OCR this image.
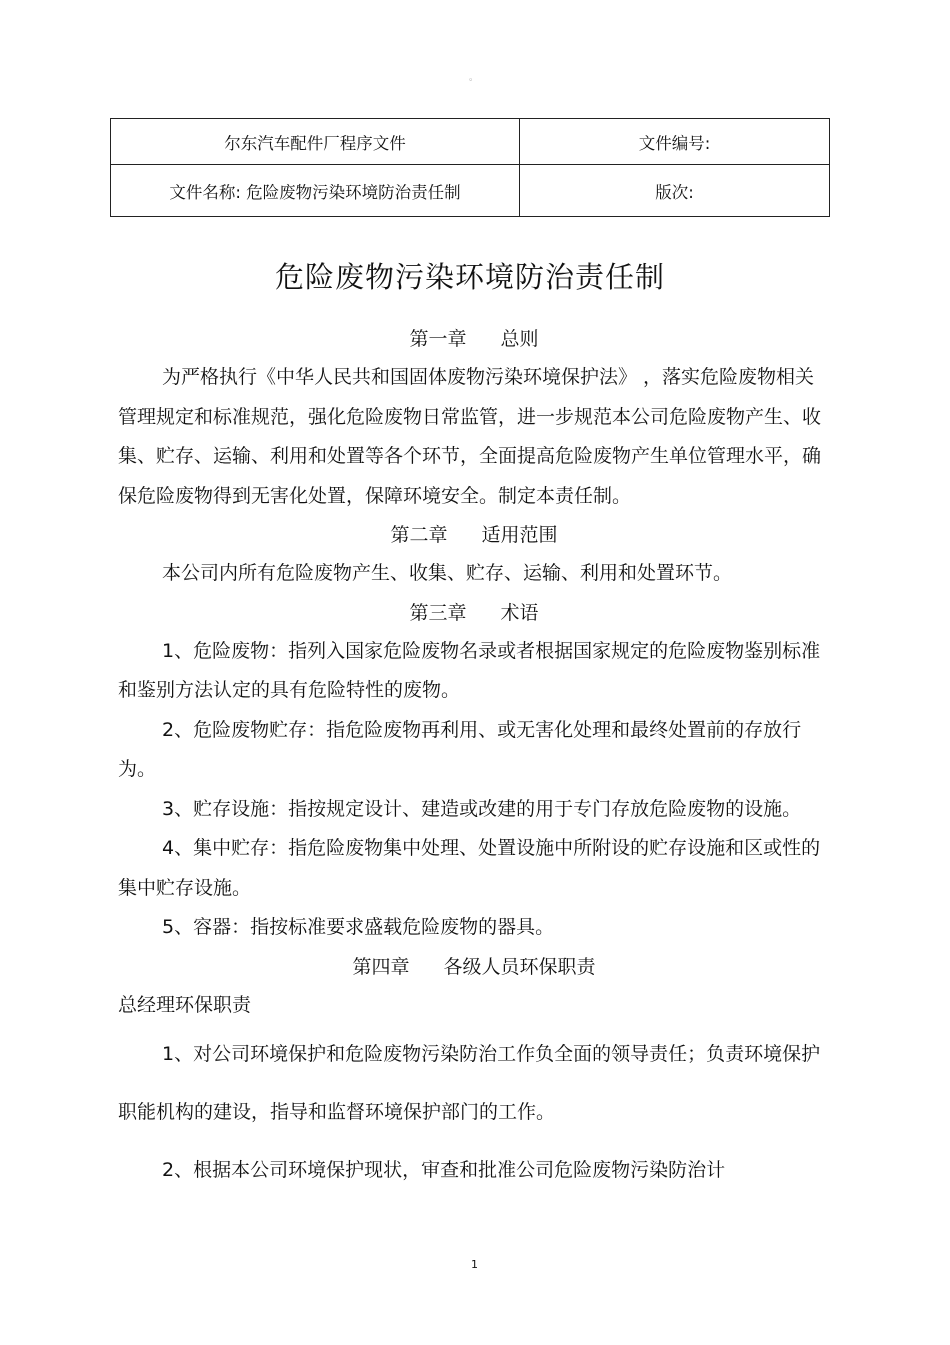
。
尔东汽车配件厂程序文件	文件编号:
文件名称: 危险废物污染环境防治责任制	版次:
危险废物污染环境防治责任制
第一章 总则

为严格执行《中华人民共和国固体废物污染环境保护法》 ，落实危险废物相关管理规定和标准规范，强化危险废物日常监管，进一步规范本公司危险废物产生、收集、贮存、运输、利用和处置等各个环节，全面提高危险废物产生单位管理水平，确保危险废物得到无害化处置，保障环境安全。制定本责任制。

第二章 适用范围

本公司内所有危险废物产生、收集、贮存、运输、利用和处置环节。

第三章 术语

1、危险废物：指列入国家危险废物名录或者根据国家规定的危险废物鉴别标准和鉴别方法认定的具有危险特性的废物。

2、危险废物贮存：指危险废物再利用、或无害化处理和最终处置前的存放行为。

3、贮存设施：指按规定设计、建造或改建的用于专门存放危险废物的设施。

4、集中贮存：指危险废物集中处理、处置设施中所附设的贮存设施和区或性的集中贮存设施。

5、容器：指按标准要求盛载危险废物的器具。

第四章 各级人员环保职责

总经理环保职责

1、对公司环境保护和危险废物污染防治工作负全面的领导责任；负责环境保护职能机构的建设，指导和监督环境保护部门的工作。

2、根据本公司环境保护现状，审查和批准公司危险废物污染防治计

1
